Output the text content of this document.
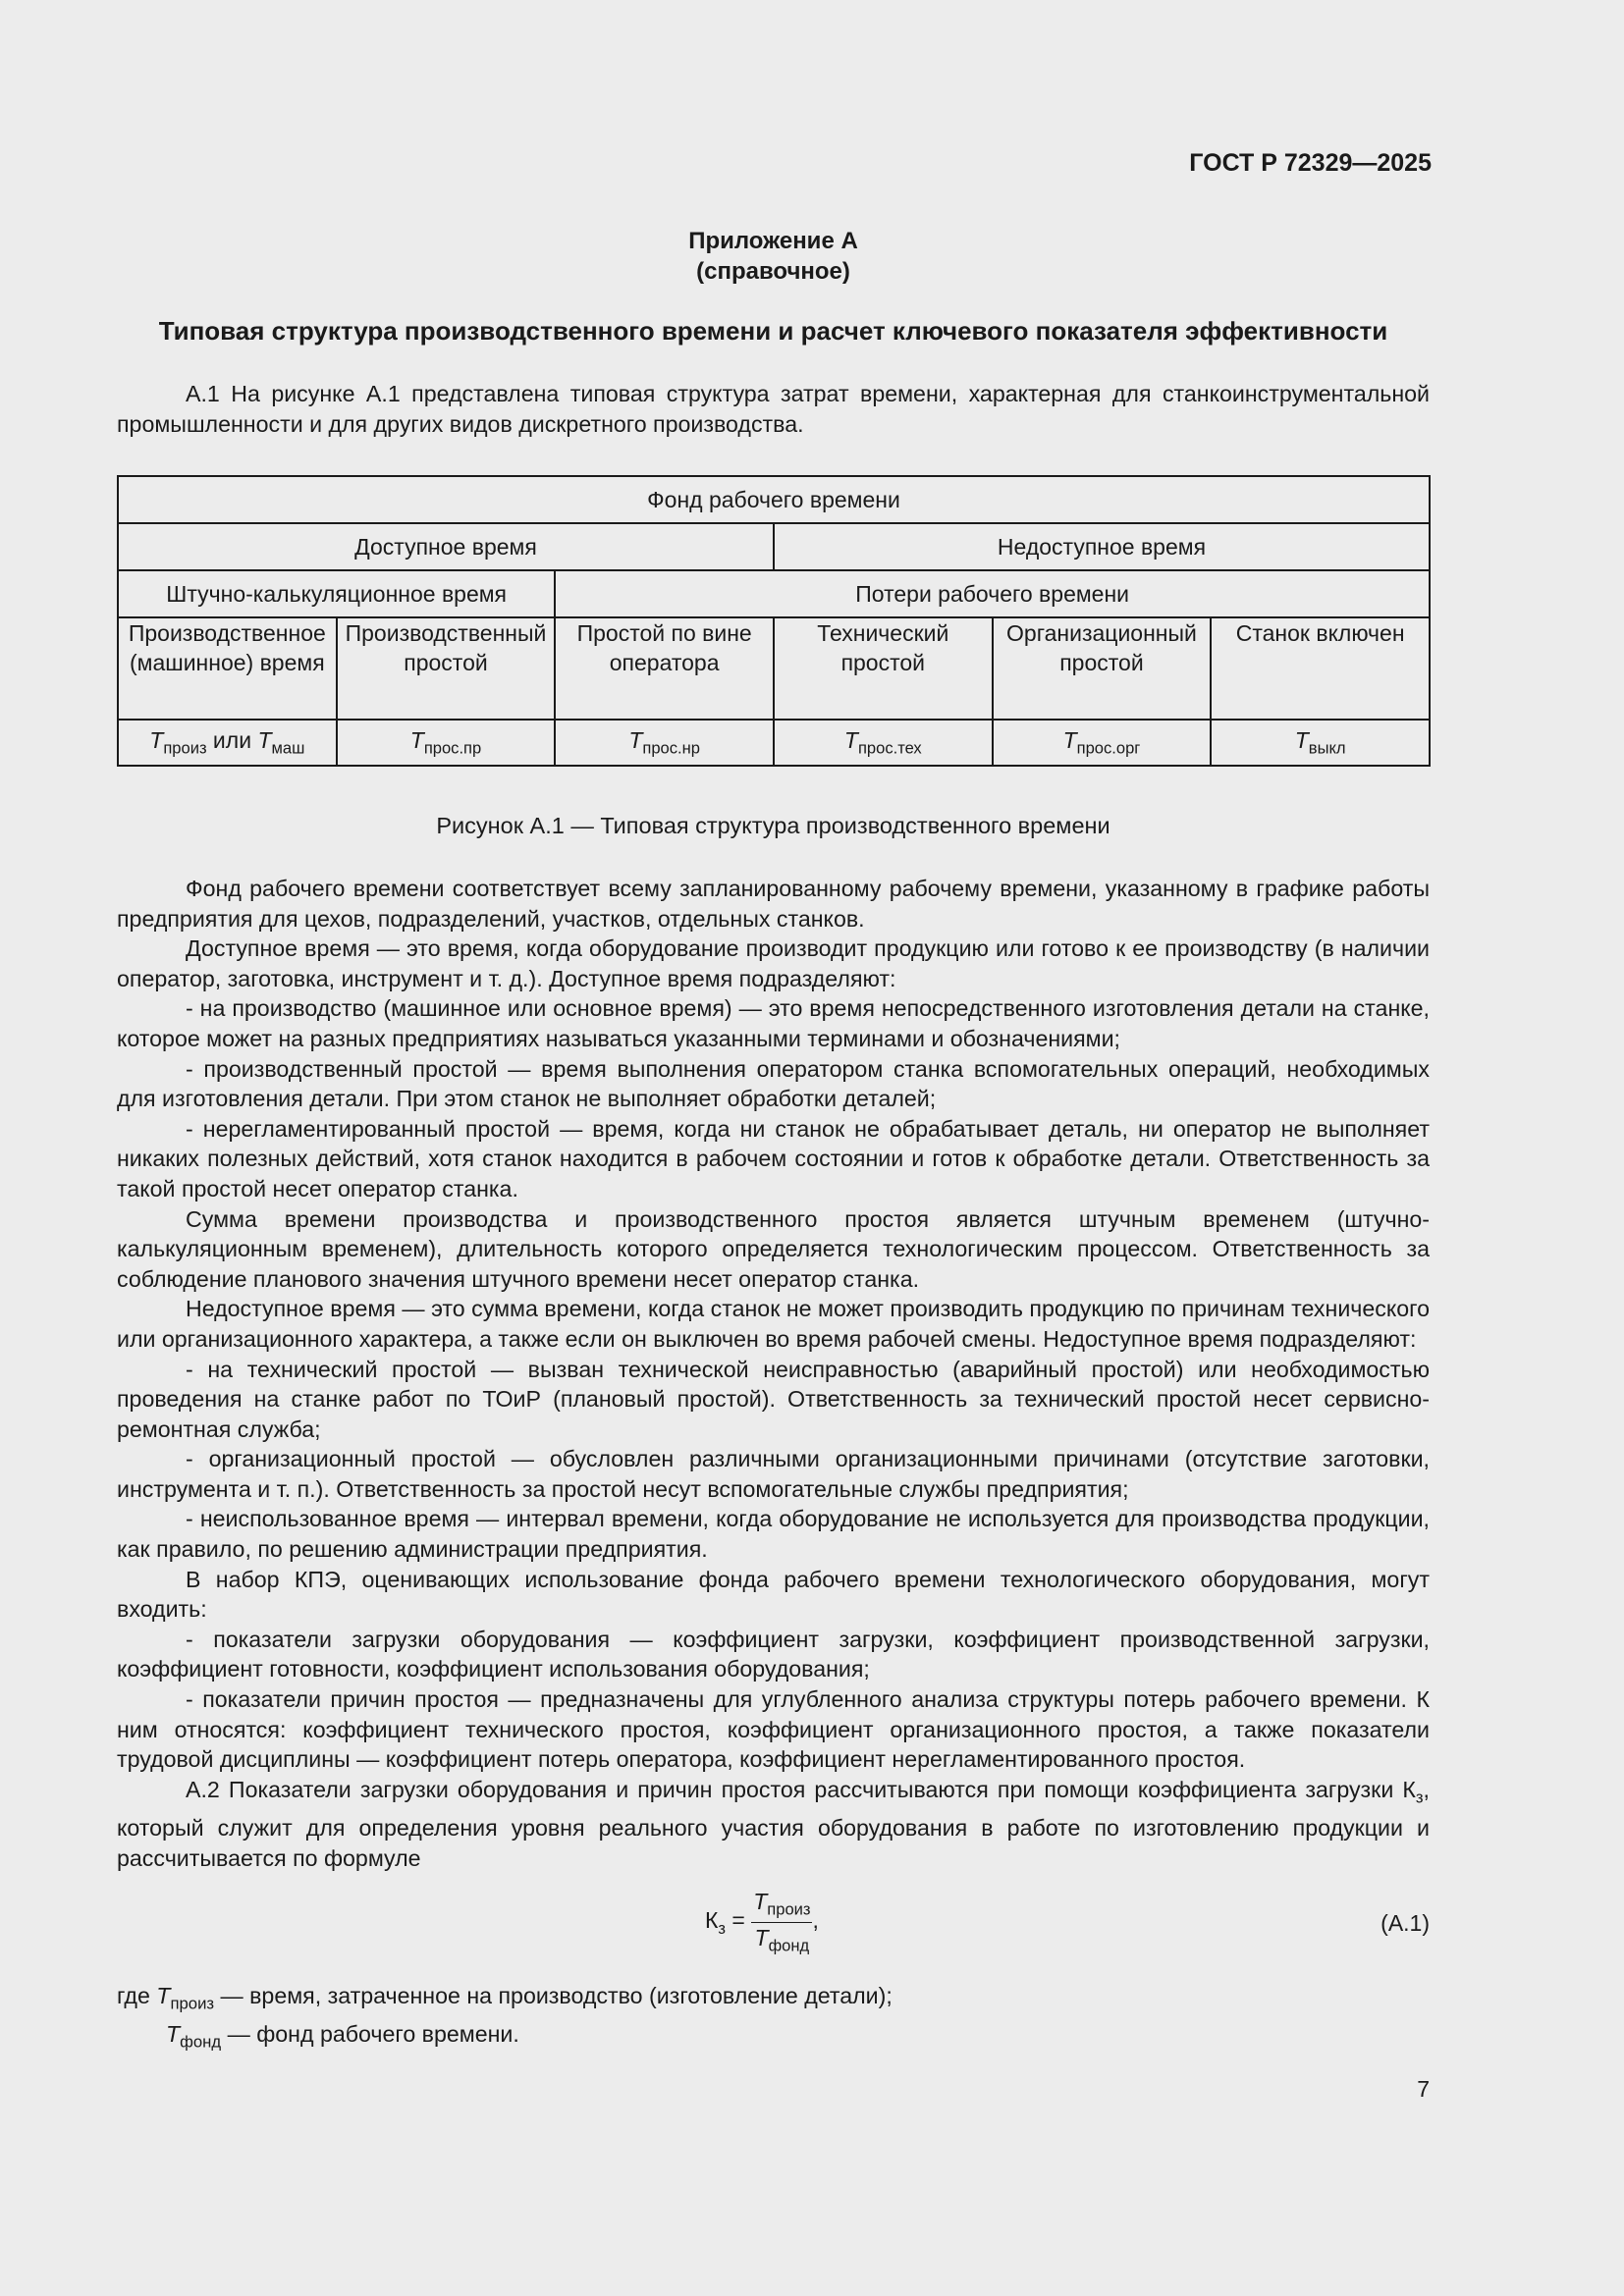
ГОСТ Р 72329—2025
Приложение А
(справочное)
Типовая структура производственного времени и расчет ключевого показателя эффективности

А.1 На рисунке А.1 представлена типовая структура затрат времени, характерная для станкоинструментальной промышленности и для других видов дискретного производства.

Фонд рабочего времени					
Доступное время			Недоступное время		
Штучно-калькуляционное время		Потери рабочего времени			
Производственное (машинное) время	Производственный простой	Простой по вине оператора	Технический простой	Организационный простой	Станок включен
$T_{произ}$ или $T_{маш}$	$T_{прос.пр}$	$T_{прос.нр}$	$T_{прос.тех}$	$T_{прос.орг}$	$T_{выкл}$
Рисунок А.1 — Типовая структура производственного времени

Фонд рабочего времени соответствует всему запланированному рабочему времени, указанному в графике работы предприятия для цехов, подразделений, участков, отдельных станков.

Доступное время — это время, когда оборудование производит продукцию или готово к ее производству (в наличии оператор, заготовка, инструмент и т. д.). Доступное время подразделяют:

- на производство (машинное или основное время) — это время непосредственного изготовления детали на станке, которое может на разных предприятиях называться указанными терминами и обозначениями;

- производственный простой — время выполнения оператором станка вспомогательных операций, необходимых для изготовления детали. При этом станок не выполняет обработки деталей;

- нерегламентированный простой — время, когда ни станок не обрабатывает деталь, ни оператор не выполняет никаких полезных действий, хотя станок находится в рабочем состоянии и готов к обработке детали. Ответственность за такой простой несет оператор станка.

Сумма времени производства и производственного простоя является штучным временем (штучно-калькуляционным временем), длительность которого определяется технологическим процессом. Ответственность за соблюдение планового значения штучного времени несет оператор станка.

Недоступное время — это сумма времени, когда станок не может производить продукцию по причинам технического или организационного характера, а также если он выключен во время рабочей смены. Недоступное время подразделяют:

- на технический простой — вызван технической неисправностью (аварийный простой) или необходимостью проведения на станке работ по ТОиР (плановый простой). Ответственность за технический простой несет сервисно-ремонтная служба;

- организационный простой — обусловлен различными организационными причинами (отсутствие заготовки, инструмента и т. п.). Ответственность за простой несут вспомогательные службы предприятия;

- неиспользованное время — интервал времени, когда оборудование не используется для производства продукции, как правило, по решению администрации предприятия.

В набор КПЭ, оценивающих использование фонда рабочего времени технологического оборудования, могут входить:

- показатели загрузки оборудования — коэффициент загрузки, коэффициент производственной загрузки, коэффициент готовности, коэффициент использования оборудования;

- показатели причин простоя — предназначены для углубленного анализа структуры потерь рабочего времени. К ним относятся: коэффициент технического простоя, коэффициент организационного простоя, а также показатели трудовой дисциплины — коэффициент потерь оператора, коэффициент нерегламентированного простоя.

А.2 Показатели загрузки оборудования и причин простоя рассчитываются при помощи коэффициента загрузки $К_з$, который служит для определения уровня реального участия оборудования в работе по изготовлению продукции и рассчитывается по формуле

$К_з = \frac{T_{произ}}{T_{фонд}}$ ,	(А.1)
где $T_{произ}$ — время, затраченное на производство (изготовление детали);
$T_{фонд}$ — фонд рабочего времени.
7
